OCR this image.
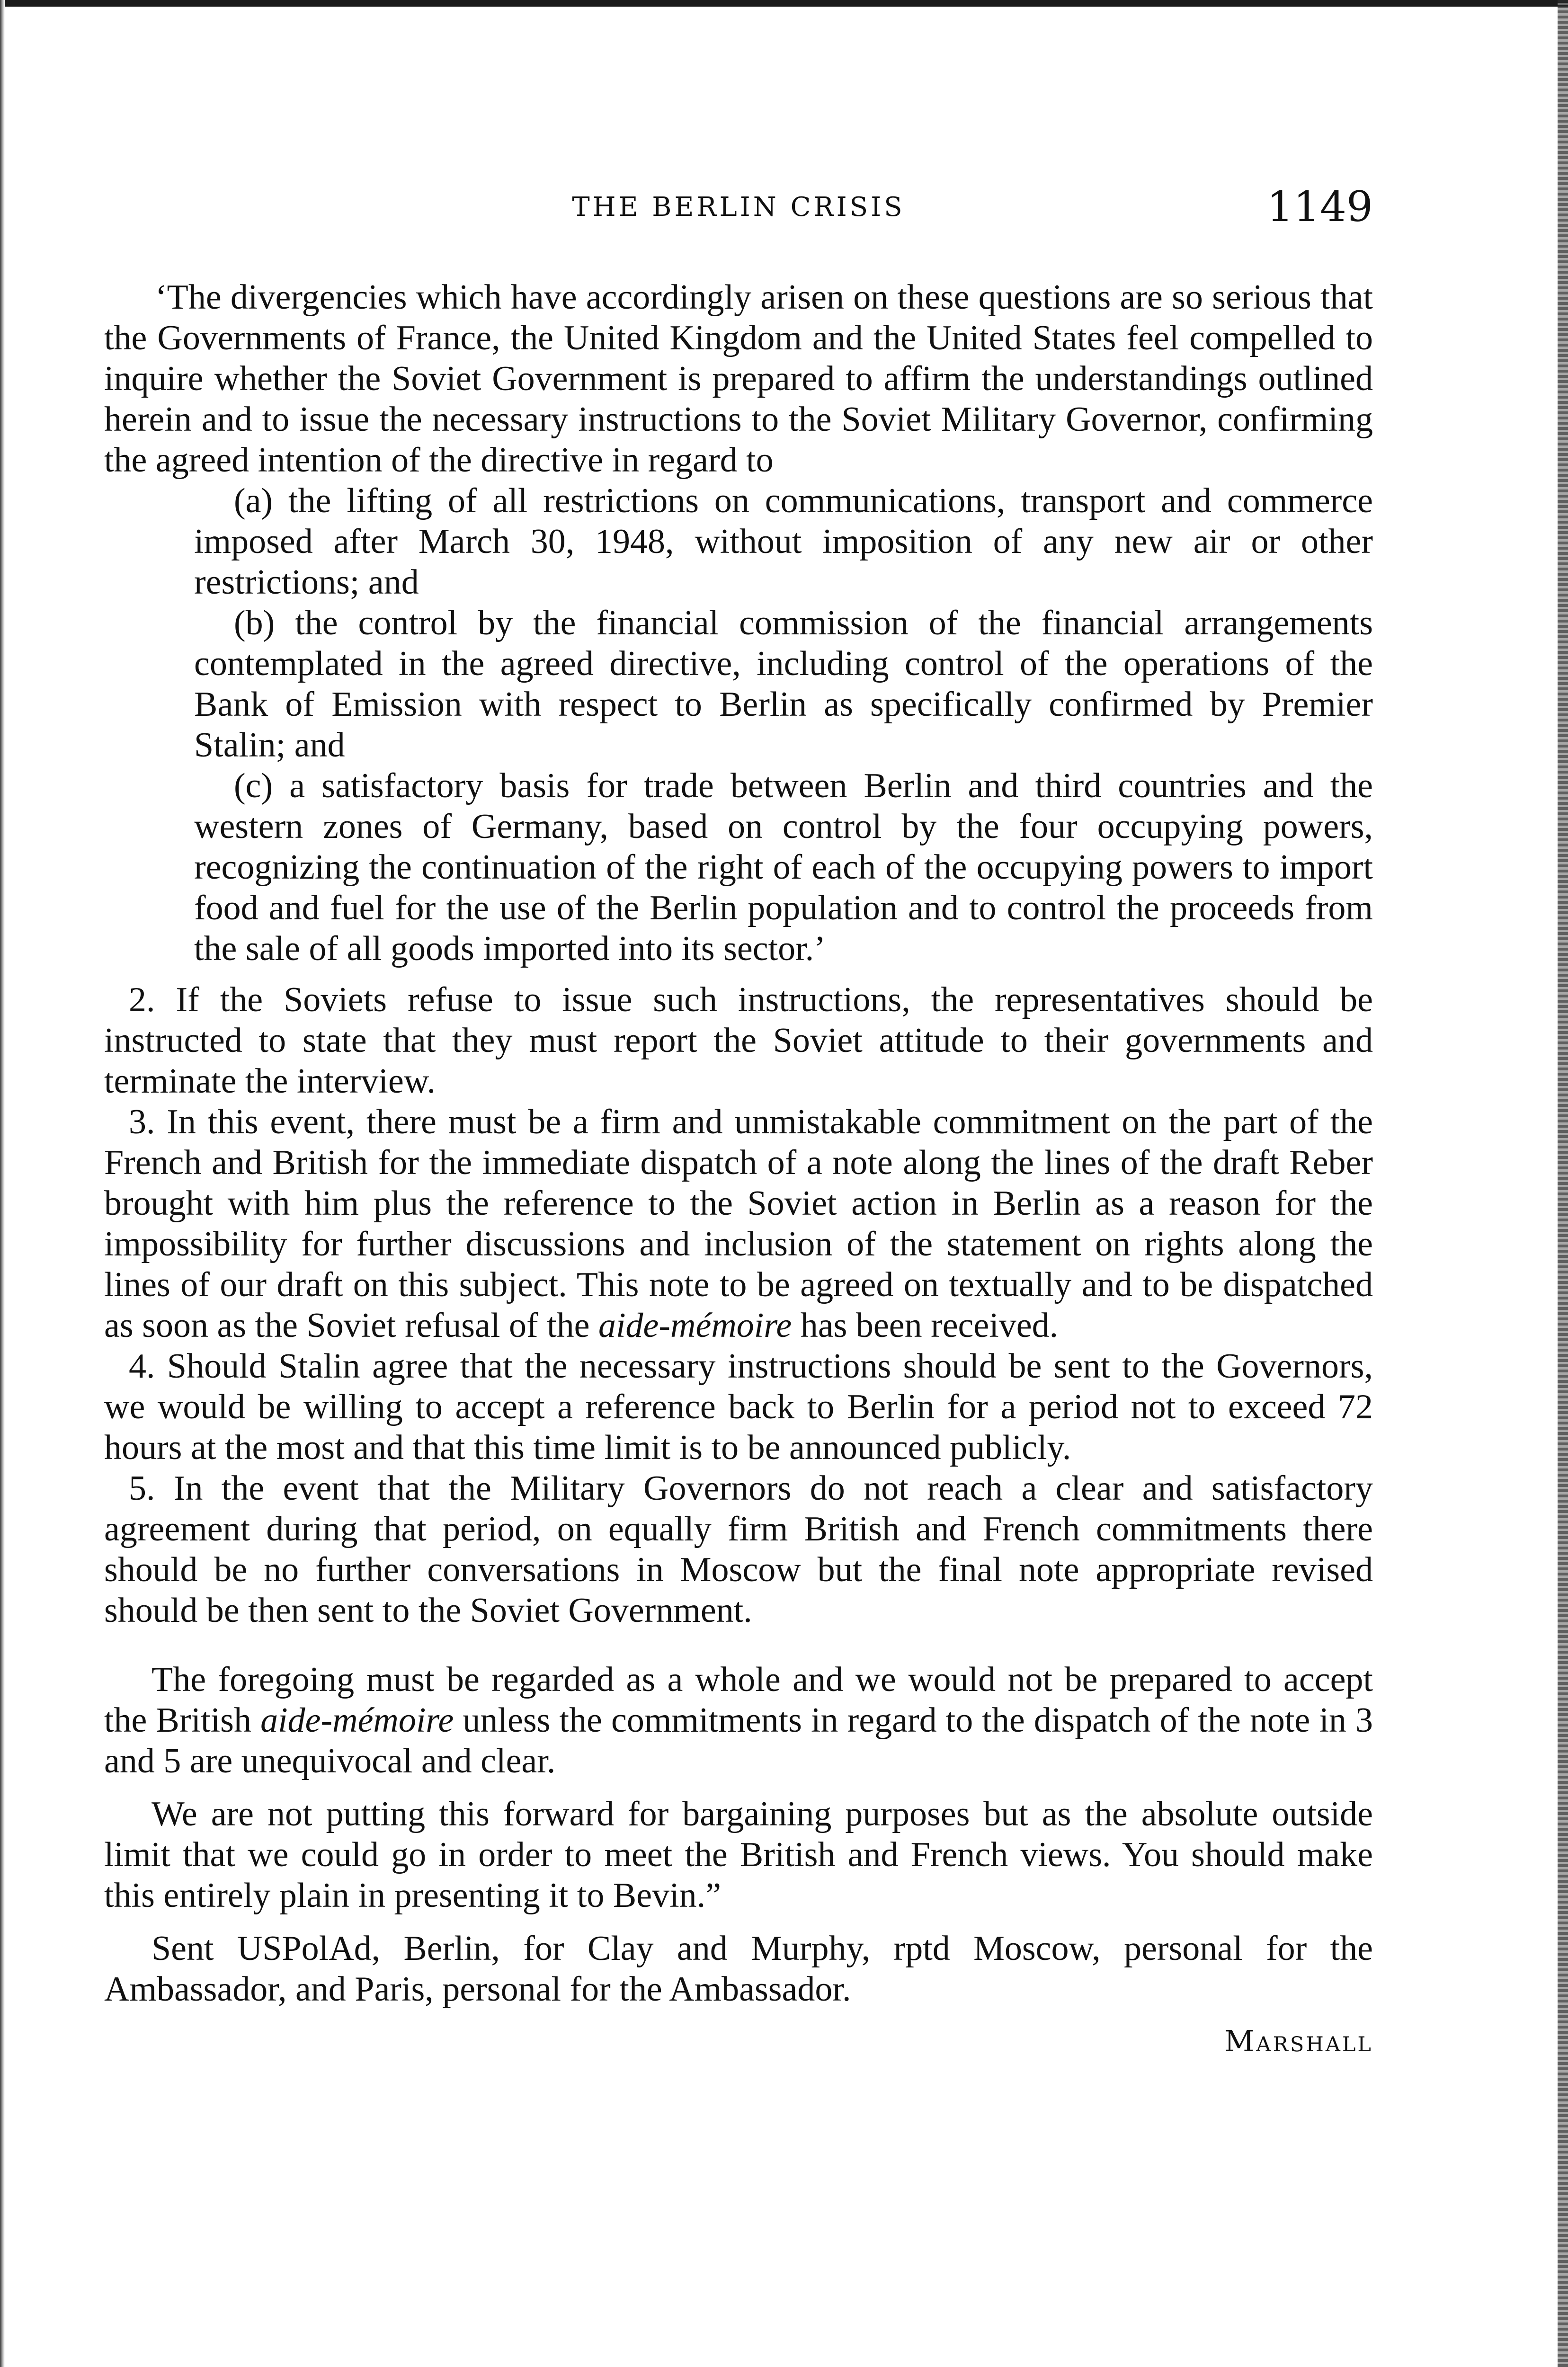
THE BERLIN CRISIS	1149

‘The divergencies which have accordingly arisen on these questions are so serious that the Governments of France, the United Kingdom and the United States feel compelled to inquire whether the Soviet Government is prepared to affirm the understandings outlined herein and to issue the necessary instructions to the Soviet Military Governor, confirming the agreed intention of the directive in regard to

(a) the lifting of all restrictions on communications, transport and commerce imposed after March 30, 1948, without imposition of any new air or other restrictions; and

(b) the control by the financial commission of the financial arrangements contemplated in the agreed directive, including control of the operations of the Bank of Emission with respect to Berlin as specifically confirmed by Premier Stalin; and

(c) a satisfactory basis for trade between Berlin and third countries and the western zones of Germany, based on control by the four occupying powers, recognizing the continuation of the right of each of the occupying powers to import food and fuel for the use of the Berlin population and to control the proceeds from the sale of all goods imported into its sector.’

2. If the Soviets refuse to issue such instructions, the representatives should be instructed to state that they must report the Soviet attitude to their governments and terminate the interview.

3. In this event, there must be a firm and unmistakable commitment on the part of the French and British for the immediate dispatch of a note along the lines of the draft Reber brought with him plus the reference to the Soviet action in Berlin as a reason for the impossibility for further discussions and inclusion of the statement on rights along the lines of our draft on this subject. This note to be agreed on textually and to be dispatched as soon as the Soviet refusal of the aide-mémoire has been received.

4. Should Stalin agree that the necessary instructions should be sent to the Governors, we would be willing to accept a reference back to Berlin for a period not to exceed 72 hours at the most and that this time limit is to be announced publicly.

5. In the event that the Military Governors do not reach a clear and satisfactory agreement during that period, on equally firm British and French commitments there should be no further conversations in Moscow but the final note appropriate revised should be then sent to the Soviet Government.

The foregoing must be regarded as a whole and we would not be prepared to accept the British aide-mémoire unless the commitments in regard to the dispatch of the note in 3 and 5 are unequivocal and clear.

We are not putting this forward for bargaining purposes but as the absolute outside limit that we could go in order to meet the British and French views. You should make this entirely plain in presenting it to Bevin.”

Sent USPolAd, Berlin, for Clay and Murphy, rptd Moscow, personal for the Ambassador, and Paris, personal for the Ambassador.

Marshall
